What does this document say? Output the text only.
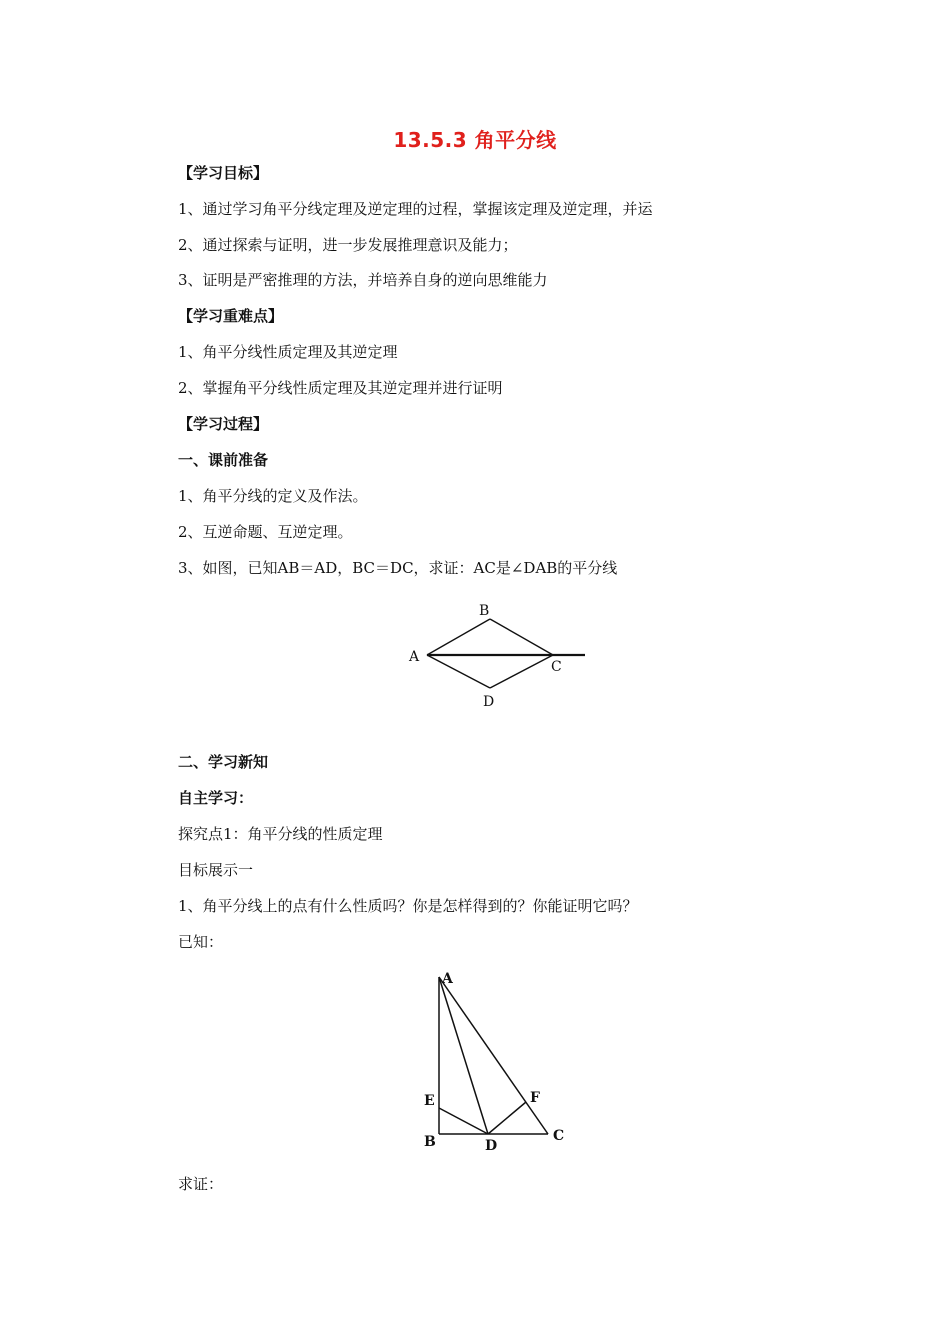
13.5.3 角平分线
【学习目标】
1、通过学习角平分线定理及逆定理的过程，掌握该定理及逆定理，并运
2、通过探索与证明，进一步发展推理意识及能力；
3、证明是严密推理的方法，并培养自身的逆向思维能力
【学习重难点】
1、角平分线性质定理及其逆定理
2、掌握角平分线性质定理及其逆定理并进行证明
【学习过程】
一、课前准备
1、角平分线的定义及作法。
2、互逆命题、互逆定理。
3、如图，已知AB＝AD，BC＝DC，求证：AC是∠DAB的平分线
B
A
C
D
二、学习新知
自主学习：
探究点1：角平分线的性质定理
目标展示一
1、角平分线上的点有什么性质吗？你是怎样得到的？你能证明它吗？
已知：
A
E	F
B	D
C
求证：
